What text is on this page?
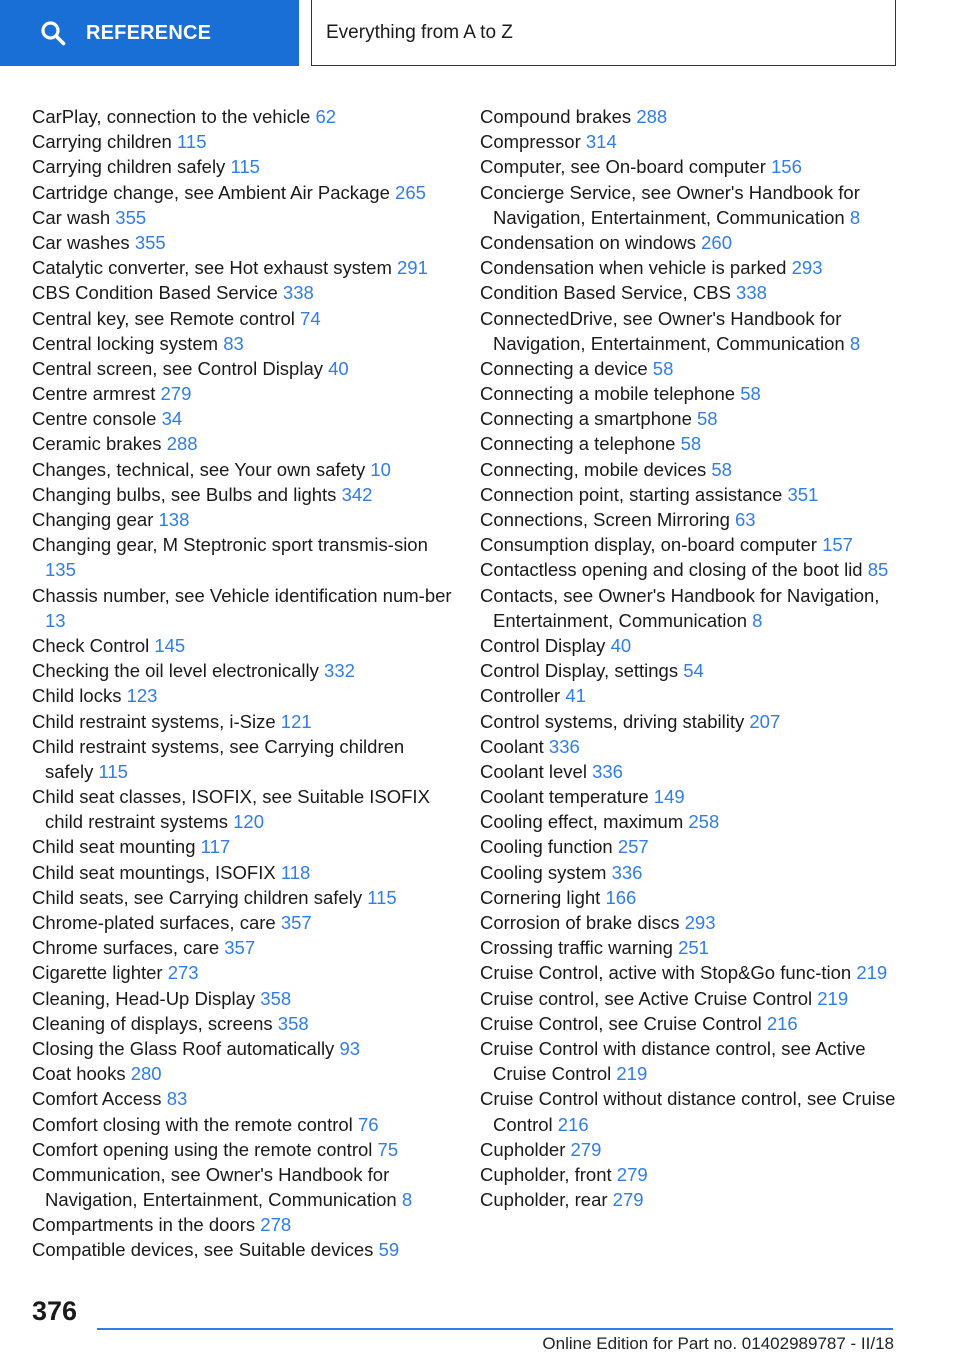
REFERENCE	Everything from A to Z

CarPlay, connection to the vehicle 62

Carrying children 115

Carrying children safely 115

Cartridge change, see Ambient Air Package 265

Car wash 355

Car washes 355

Catalytic converter, see Hot exhaust system 291

CBS Condition Based Service 338

Central key, see Remote control 74

Central locking system 83

Central screen, see Control Display 40

Centre armrest 279

Centre console 34

Ceramic brakes 288

Changes, technical, see Your own safety 10

Changing bulbs, see Bulbs and lights 342

Changing gear 138

Changing gear, M Steptronic sport transmis-sion 135

Chassis number, see Vehicle identification num-ber 13

Check Control 145

Checking the oil level electronically 332

Child locks 123

Child restraint systems, i-Size 121

Child restraint systems, see Carrying children safely 115

Child seat classes, ISOFIX, see Suitable ISOFIX child restraint systems 120

Child seat mounting 117

Child seat mountings, ISOFIX 118

Child seats, see Carrying children safely 115

Chrome-plated surfaces, care 357

Chrome surfaces, care 357

Cigarette lighter 273

Cleaning, Head-Up Display 358

Cleaning of displays, screens 358

Closing the Glass Roof automatically 93

Coat hooks 280

Comfort Access 83

Comfort closing with the remote control 76

Comfort opening using the remote control 75

Communication, see Owner's Handbook for Navigation, Entertainment, Communication 8

Compartments in the doors 278

Compatible devices, see Suitable devices 59

Compound brakes 288

Compressor 314

Computer, see On-board computer 156

Concierge Service, see Owner's Handbook for Navigation, Entertainment, Communication 8

Condensation on windows 260

Condensation when vehicle is parked 293

Condition Based Service, CBS 338

ConnectedDrive, see Owner's Handbook for Navigation, Entertainment, Communication 8

Connecting a device 58

Connecting a mobile telephone 58

Connecting a smartphone 58

Connecting a telephone 58

Connecting, mobile devices 58

Connection point, starting assistance 351

Connections, Screen Mirroring 63

Consumption display, on-board computer 157

Contactless opening and closing of the boot lid 85

Contacts, see Owner's Handbook for Navigation, Entertainment, Communication 8

Control Display 40

Control Display, settings 54

Controller 41

Control systems, driving stability 207

Coolant 336

Coolant level 336

Coolant temperature 149

Cooling effect, maximum 258

Cooling function 257

Cooling system 336

Cornering light 166

Corrosion of brake discs 293

Crossing traffic warning 251

Cruise Control, active with Stop&Go func-tion 219

Cruise control, see Active Cruise Control 219

Cruise Control, see Cruise Control 216

Cruise Control with distance control, see Active Cruise Control 219

Cruise Control without distance control, see Cruise Control 216

Cupholder 279

Cupholder, front 279

Cupholder, rear 279

376
Online Edition for Part no. 01402989787 - II/18
